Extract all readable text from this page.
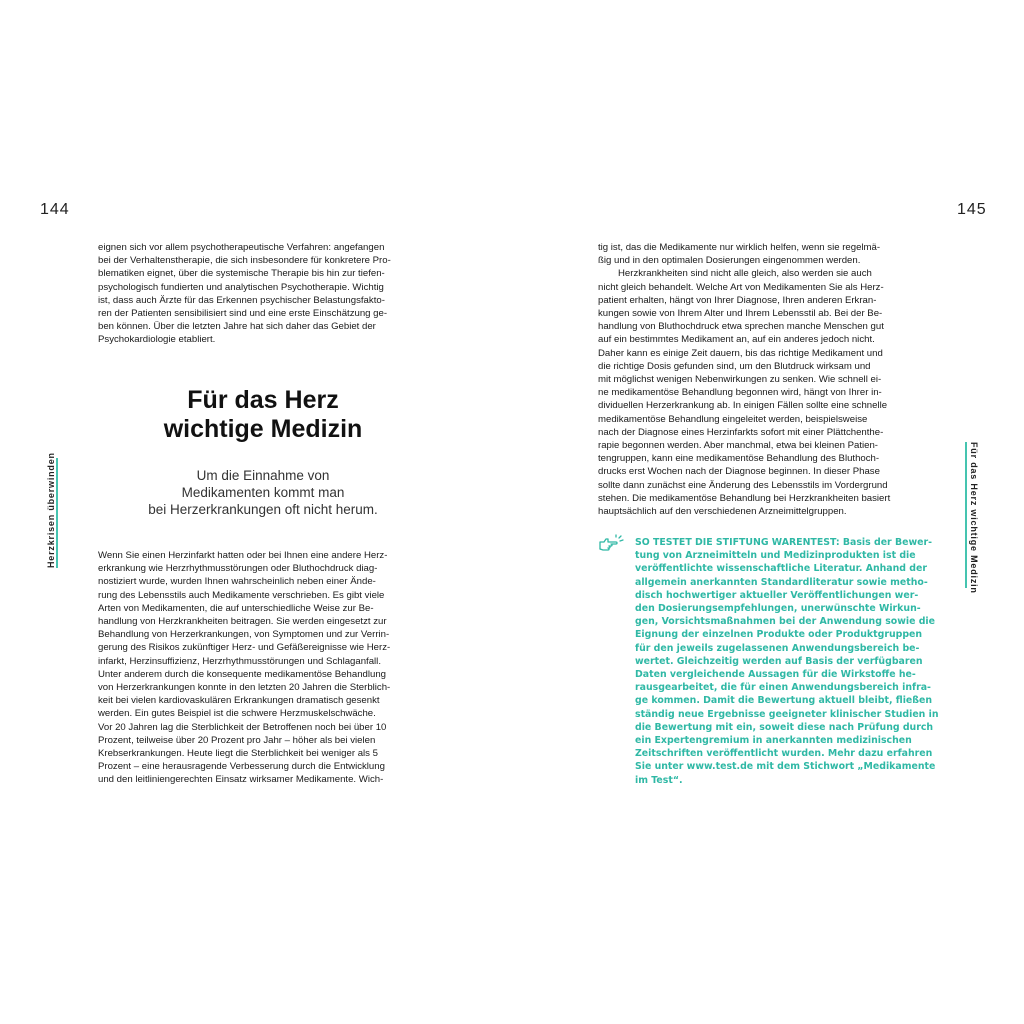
144	145
Herzkrisen überwinden	Für das Herz wichtige Medizin

eignen sich vor allem psychotherapeutische Verfahren: angefangen

bei der Verhaltenstherapie, die sich insbesondere für konkretere Pro-

blematiken eignet, über die systemische Therapie bis hin zur tiefen-

psychologisch fundierten und analytischen Psychotherapie. Wichtig

ist, dass auch Ärzte für das Erkennen psychischer Belastungsfakto-

ren der Patienten sensibilisiert sind und eine erste Einschätzung ge-

ben können. Über die letzten Jahre hat sich daher das Gebiet der

Psychokardiologie etabliert.

Für das Herz
wichtige Medizin
Um die Einnahme von
Medikamenten kommt man
bei Herzerkrankungen oft nicht herum.

Wenn Sie einen Herzinfarkt hatten oder bei Ihnen eine andere Herz-

erkrankung wie Herzrhythmusstörungen oder Bluthochdruck diag-

nostiziert wurde, wurden Ihnen wahrscheinlich neben einer Ände-

rung des Lebensstils auch Medikamente verschrieben. Es gibt viele

Arten von Medikamenten, die auf unterschiedliche Weise zur Be-

handlung von Herzkrankheiten beitragen. Sie werden eingesetzt zur

Behandlung von Herzerkrankungen, von Symptomen und zur Verrin-

gerung des Risikos zukünftiger Herz- und Gefäßereignisse wie Herz-

infarkt, Herzinsuffizienz, Herzrhythmusstörungen und Schlaganfall.

Unter anderem durch die konsequente medikamentöse Behandlung

von Herzerkrankungen konnte in den letzten 20 Jahren die Sterblich-

keit bei vielen kardiovaskulären Erkrankungen dramatisch gesenkt

werden. Ein gutes Beispiel ist die schwere Herzmuskelschwäche.

Vor 20 Jahren lag die Sterblichkeit der Betroffenen noch bei über 10

Prozent, teilweise über 20 Prozent pro Jahr – höher als bei vielen

Krebserkrankungen. Heute liegt die Sterblichkeit bei weniger als 5

Prozent – eine herausragende Verbesserung durch die Entwicklung

und den leitliniengerechten Einsatz wirksamer Medikamente. Wich-

tig ist, das die Medikamente nur wirklich helfen, wenn sie regelmä-

ßig und in den optimalen Dosierungen eingenommen werden.

Herzkrankheiten sind nicht alle gleich, also werden sie auch

nicht gleich behandelt. Welche Art von Medikamenten Sie als Herz-

patient erhalten, hängt von Ihrer Diagnose, Ihren anderen Erkran-

kungen sowie von Ihrem Alter und Ihrem Lebensstil ab. Bei der Be-

handlung von Bluthochdruck etwa sprechen manche Menschen gut

auf ein bestimmtes Medikament an, auf ein anderes jedoch nicht.

Daher kann es einige Zeit dauern, bis das richtige Medikament und

die richtige Dosis gefunden sind, um den Blutdruck wirksam und

mit möglichst wenigen Nebenwirkungen zu senken. Wie schnell ei-

ne medikamentöse Behandlung begonnen wird, hängt von Ihrer in-

dividuellen Herzerkrankung ab. In einigen Fällen sollte eine schnelle

medikamentöse Behandlung eingeleitet werden, beispielsweise

nach der Diagnose eines Herzinfarkts sofort mit einer Plättchenthe-

rapie begonnen werden. Aber manchmal, etwa bei kleinen Patien-

tengruppen, kann eine medikamentöse Behandlung des Bluthoch-

drucks erst Wochen nach der Diagnose beginnen. In dieser Phase

sollte dann zunächst eine Änderung des Lebensstils im Vordergrund

stehen. Die medikamentöse Behandlung bei Herzkrankheiten basiert

hauptsächlich auf den verschiedenen Arzneimittelgruppen.

SO TESTET DIE STIFTUNG WARENTEST: Basis der Bewer-
tung von Arzneimitteln und Medizinprodukten ist die
veröffentlichte wissenschaftliche Literatur. Anhand der
allgemein anerkannten Standardliteratur sowie metho-
disch hochwertiger aktueller Veröffentlichungen wer-
den Dosierungsempfehlungen, unerwünschte Wirkun-
gen, Vorsichtsmaßnahmen bei der Anwendung sowie die
Eignung der einzelnen Produkte oder Produktgruppen
für den jeweils zugelassenen Anwendungsbereich be-
wertet. Gleichzeitig werden auf Basis der verfügbaren
Daten vergleichende Aussagen für die Wirkstoffe he-
rausgearbeitet, die für einen Anwendungsbereich infra-
ge kommen. Damit die Bewertung aktuell bleibt, fließen
ständig neue Ergebnisse geeigneter klinischer Studien in
die Bewertung mit ein, soweit diese nach Prüfung durch
ein Expertengremium in anerkannten medizinischen
Zeitschriften veröffentlicht wurden. Mehr dazu erfahren
Sie unter www.test.de mit dem Stichwort „Medikamente
im Test“.
